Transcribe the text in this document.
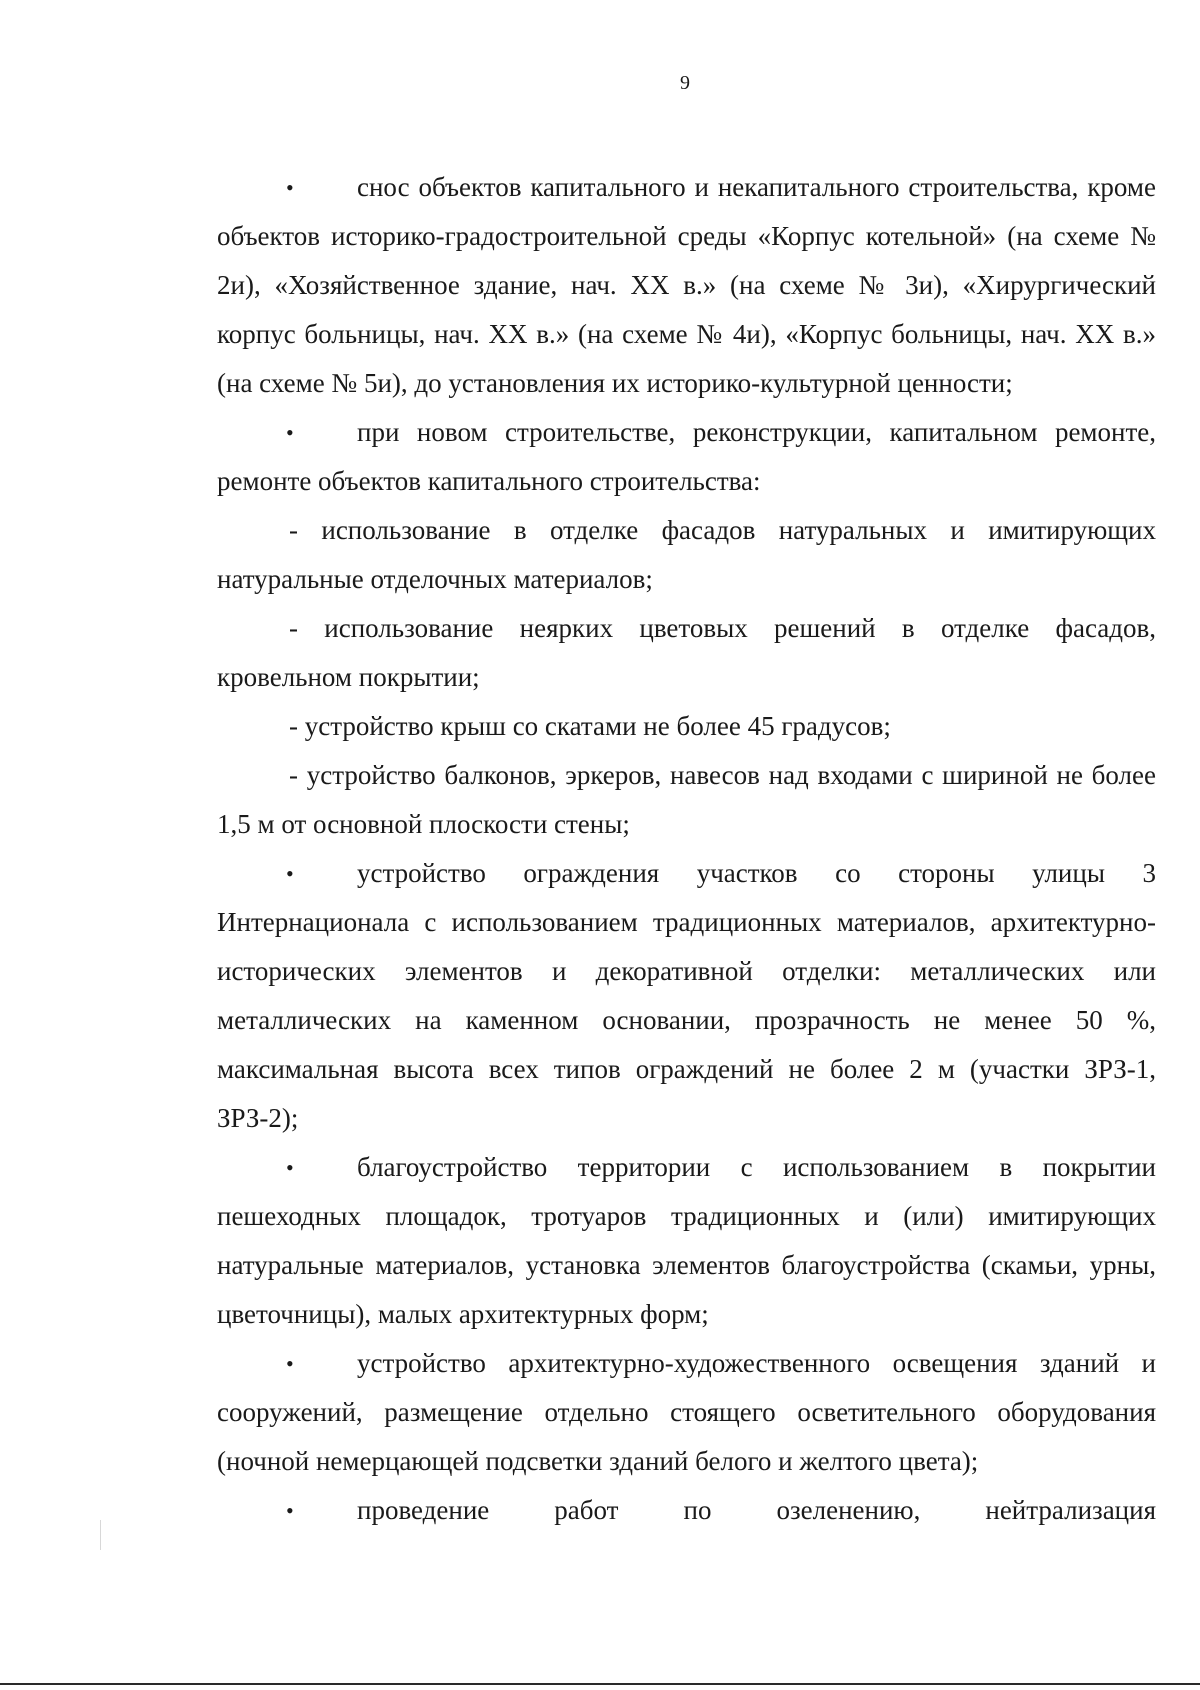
9

• снос объектов капитального и некапитального строительства, кроме объектов историко-градостроительной среды «Корпус котельной» (на схеме № 2и), «Хозяйственное здание, нач. XX в.» (на схеме № 3и), «Хирургический корпус больницы, нач. XX в.» (на схеме № 4и), «Корпус больницы, нач. XX в.» (на схеме № 5и), до установления их историко-культурной ценности;

• при новом строительстве, реконструкции, капитальном ремонте, ремонте объектов капитального строительства:

- использование в отделке фасадов натуральных и имитирующих натуральные отделочных материалов;

- использование неярких цветовых решений в отделке фасадов, кровельном покрытии;

- устройство крыш со скатами не более 45 градусов;

- устройство балконов, эркеров, навесов над входами с шириной не более 1,5 м от основной плоскости стены;

• устройство ограждения участков со стороны улицы 3 Интернационала с использованием традиционных материалов, архитектурно-исторических элементов и декоративной отделки: металлических или металлических на каменном основании, прозрачность не менее 50 %, максимальная высота всех типов ограждений не более 2 м (участки ЗРЗ-1, ЗРЗ-2);

• благоустройство территории с использованием в покрытии пешеходных площадок, тротуаров традиционных и (или) имитирующих натуральные материалов, установка элементов благоустройства (скамьи, урны, цветочницы), малых архитектурных форм;

• устройство архитектурно-художественного освещения зданий и сооружений, размещение отдельно стоящего осветительного оборудования (ночной немерцающей подсветки зданий белого и желтого цвета);

• проведение работ по озеленению, нейтрализация
